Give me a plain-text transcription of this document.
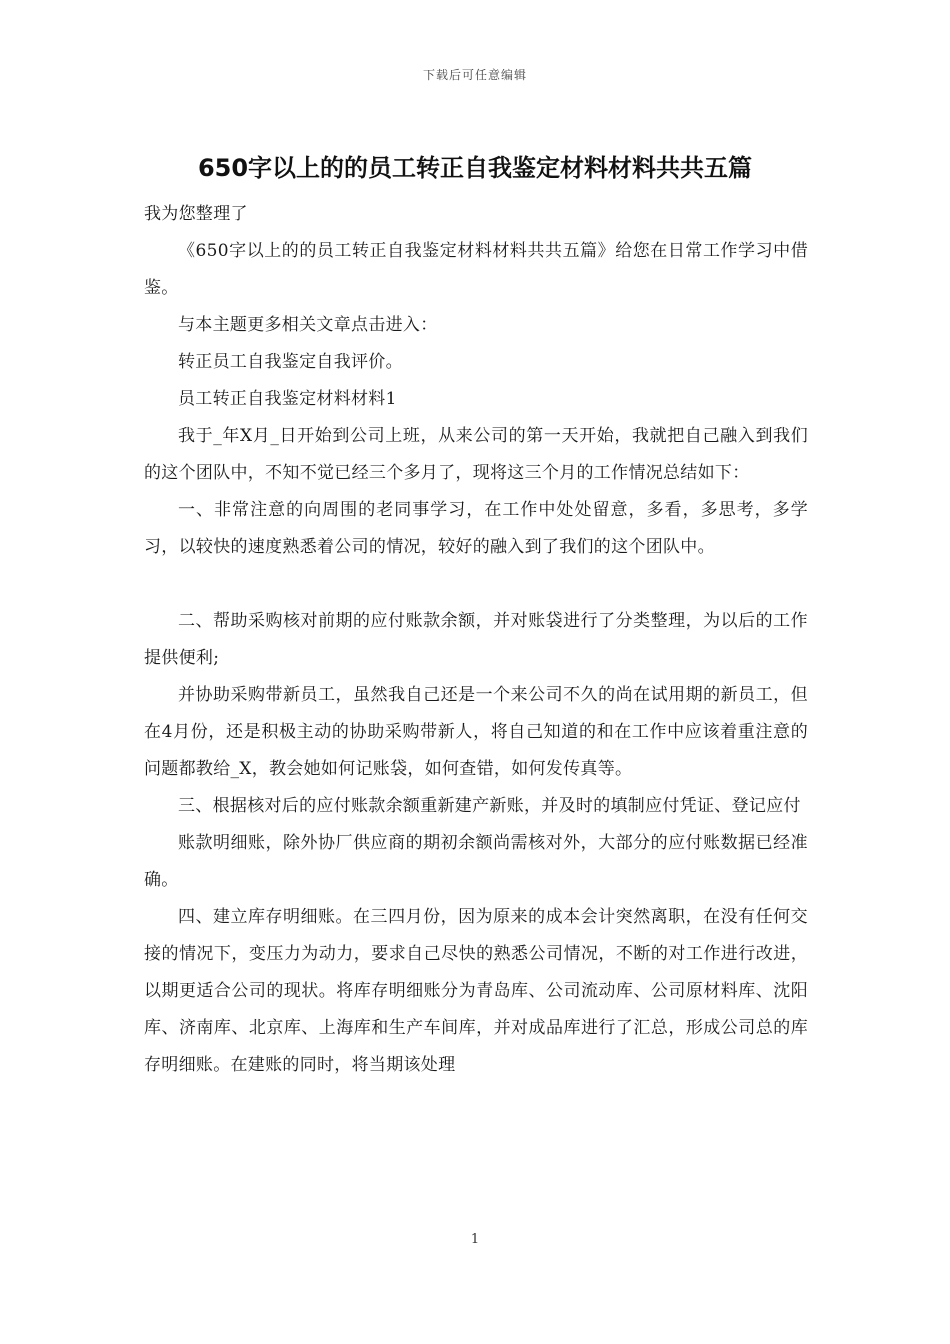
下载后可任意编辑
650字以上的的员工转正自我鉴定材料材料共共五篇

我为您整理了

《650字以上的的员工转正自我鉴定材料材料共共五篇》给您在日常工作学习中借鉴。

与本主题更多相关文章点击进入：

转正员工自我鉴定自我评价。

员工转正自我鉴定材料材料1

我于_年X月_日开始到公司上班，从来公司的第一天开始，我就把自己融入到我们的这个团队中，不知不觉已经三个多月了，现将这三个月的工作情况总结如下：

一、非常注意的向周围的老同事学习，在工作中处处留意，多看，多思考，多学习，以较快的速度熟悉着公司的情况，较好的融入到了我们的这个团队中。

二、帮助采购核对前期的应付账款余额，并对账袋进行了分类整理，为以后的工作提供便利;

并协助采购带新员工，虽然我自己还是一个来公司不久的尚在试用期的新员工，但在4月份，还是积极主动的协助采购带新人，将自己知道的和在工作中应该着重注意的问题都教给_X，教会她如何记账袋，如何查错，如何发传真等。

三、根据核对后的应付账款余额重新建产新账，并及时的填制应付凭证、登记应付

账款明细账，除外协厂供应商的期初余额尚需核对外，大部分的应付账数据已经准确。

四、建立库存明细账。在三四月份，因为原来的成本会计突然离职，在没有任何交接的情况下，变压力为动力，要求自己尽快的熟悉公司情况，不断的对工作进行改进，以期更适合公司的现状。将库存明细账分为青岛库、公司流动库、公司原材料库、沈阳库、济南库、北京库、上海库和生产车间库，并对成品库进行了汇总，形成公司总的库存明细账。在建账的同时，将当期该处理

1
